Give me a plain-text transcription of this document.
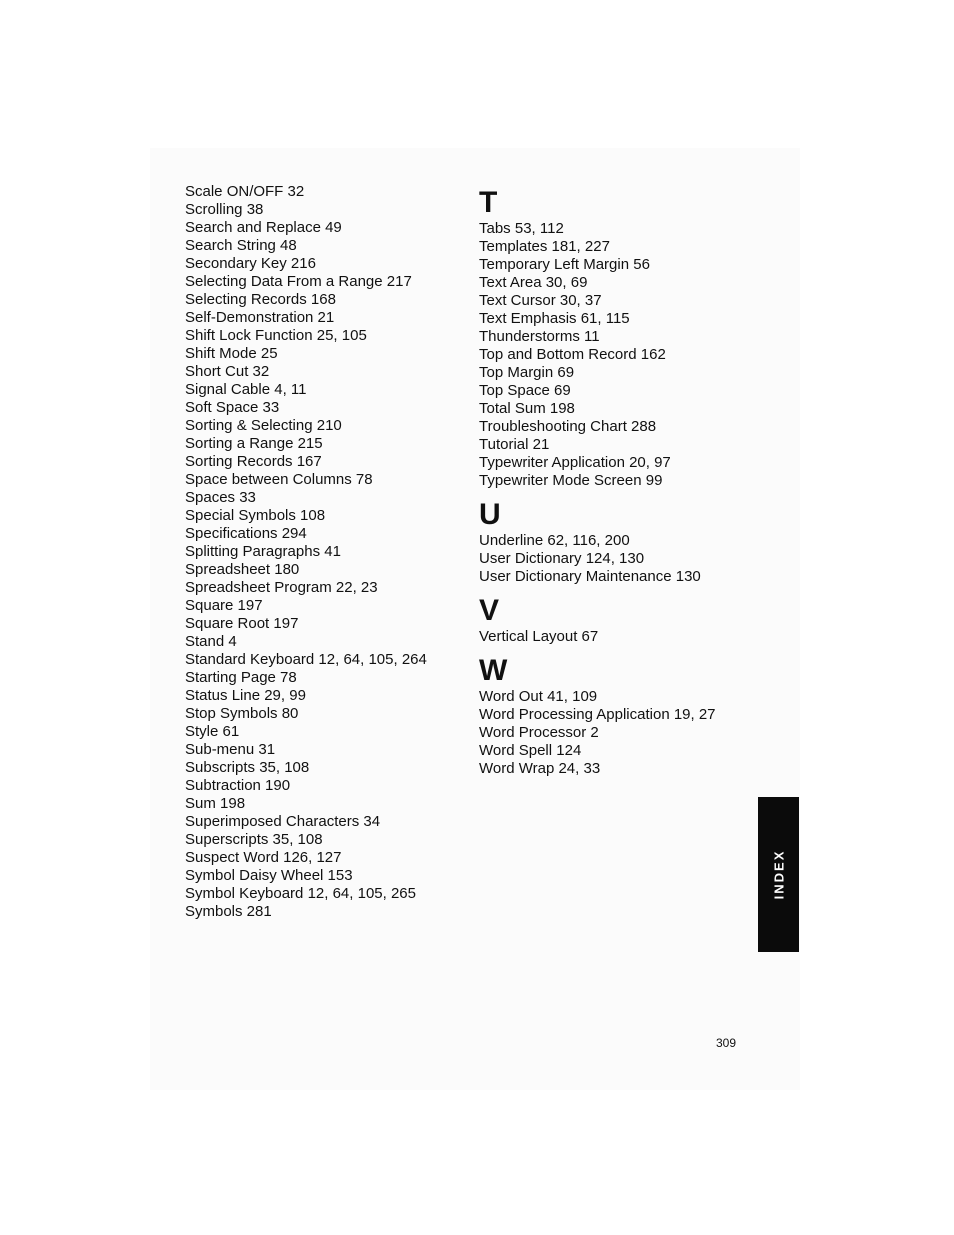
Scale ON/OFF 32
Scrolling 38
Search and Replace 49
Search String 48
Secondary Key 216
Selecting Data From a Range 217
Selecting Records 168
Self-Demonstration 21
Shift Lock Function 25, 105
Shift Mode 25
Short Cut 32
Signal Cable 4, 11
Soft Space 33
Sorting & Selecting 210
Sorting a Range 215
Sorting Records 167
Space between Columns 78
Spaces 33
Special Symbols 108
Specifications 294
Splitting Paragraphs 41
Spreadsheet 180
Spreadsheet Program 22, 23
Square 197
Square Root 197
Stand 4
Standard Keyboard 12, 64, 105, 264
Starting Page 78
Status Line 29, 99
Stop Symbols 80
Style 61
Sub-menu 31
Subscripts 35, 108
Subtraction 190
Sum 198
Superimposed Characters 34
Superscripts 35, 108
Suspect Word 126, 127
Symbol Daisy Wheel 153
Symbol Keyboard 12, 64, 105, 265
Symbols 281
T
Tabs 53, 112
Templates 181, 227
Temporary Left Margin 56
Text Area 30, 69
Text Cursor 30, 37
Text Emphasis 61, 115
Thunderstorms 11
Top and Bottom Record 162
Top Margin 69
Top Space 69
Total Sum 198
Troubleshooting Chart 288
Tutorial 21
Typewriter Application 20, 97
Typewriter Mode Screen 99
U
Underline 62, 116, 200
User Dictionary 124, 130
User Dictionary Maintenance 130
V
Vertical Layout 67
W
Word Out 41, 109
Word Processing Application 19, 27
Word Processor 2
Word Spell 124
Word Wrap 24, 33
INDEX
309
